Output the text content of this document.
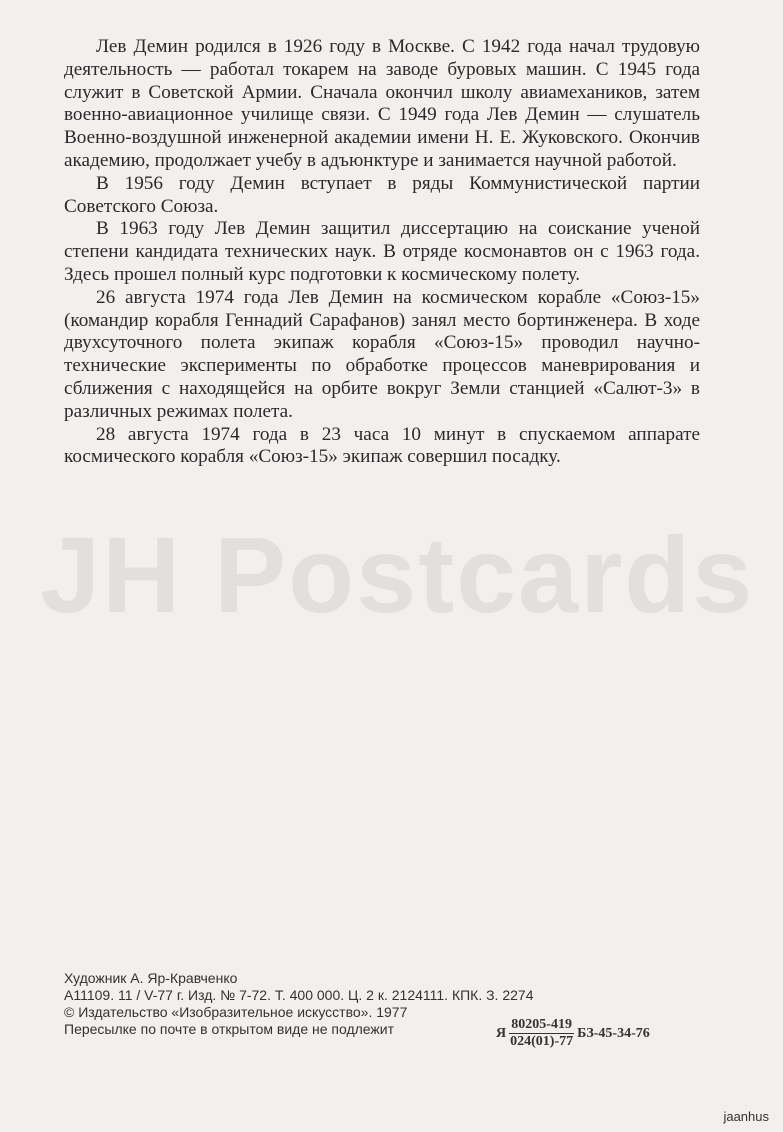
Лев Демин родился в 1926 году в Москве. С 1942 года начал трудовую деятельность — работал токарем на заводе буровых машин. С 1945 года служит в Советской Армии. Сначала окончил школу авиамехаников, затем военно-авиационное училище связи. С 1949 года Лев Демин — слушатель Военно-воздушной инженерной академии имени Н. Е. Жуковского. Окончив академию, продолжает учебу в адъюнктуре и занимается научной работой.

В 1956 году Демин вступает в ряды Коммунистической партии Советского Союза.

В 1963 году Лев Демин защитил диссертацию на соискание ученой степени кандидата технических наук. В отряде космонавтов он с 1963 года. Здесь прошел полный курс подготовки к космическому полету.

26 августа 1974 года Лев Демин на космическом корабле «Союз-15» (командир корабля Геннадий Сарафанов) занял место бортинженера. В ходе двухсуточного полета экипаж корабля «Союз-15» проводил научно-технические эксперименты по обработке процессов маневрирования и сближения с находящейся на орбите вокруг Земли станцией «Салют-3» в различных режимах полета.

28 августа 1974 года в 23 часа 10 минут в спускаемом аппарате космического корабля «Союз-15» экипаж совершил посадку.

JH Postcards
Художник А. Яр-Кравченко
А11109. 11 / V-77 г. Изд. № 7-72. Т. 400 000. Ц. 2 к. 2124111. КПК. З. 2274
© Издательство «Изобразительное искусство». 1977
Пересылке по почте в открытом виде не подлежит	Я $\frac{80205-419}{024(01)-77} БЗ-45-34-76$
jaanhus
